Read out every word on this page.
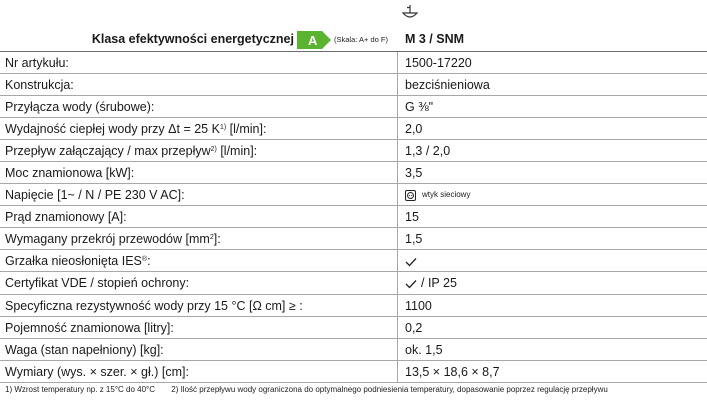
Klasa efektywności energetycznej A (Skala: A+ do F) M 3 / SNM
Nr artykułu:	1500-17220
Konstrukcja:	bezciśnieniowa
Przyłącza wody (śrubowe):	G ⅜"
Wydajność ciepłej wody przy Δt = 25 $K^{1)}$ [l/min]:	2,0
Przepływ załączający / max przepływ$^{2)}$ [l/min]:	1,3 / 2,0
Moc znamionowa [kW]:	3,5
Napięcie [1~ / N / PE 230 V AC]:	wtyk sieciowy
Prąd znamionowy [A]:	15
Wymagany przekrój przewodów $[mm^2]$:	1,5
Grzałka nieosłonięta IES®:
Certyfikat VDE / stopień ochrony:	/ IP 25
Specyficzna rezystywność wody przy 15 °C [Ω cm] ≥ :	1100
Pojemność znamionowa [litry]:	0,2
Waga (stan napełniony) [kg]:	ok. 1,5
Wymiary (wys. × szer. × gł.) [cm]:	13,5 × 18,6 × 8,7
1) Wzrost temperatury np. z 15°C do 40°C 2) Ilość przepływu wody ograniczona do optymalnego podniesienia temperatury, dopasowanie poprzez regulację przepływu
